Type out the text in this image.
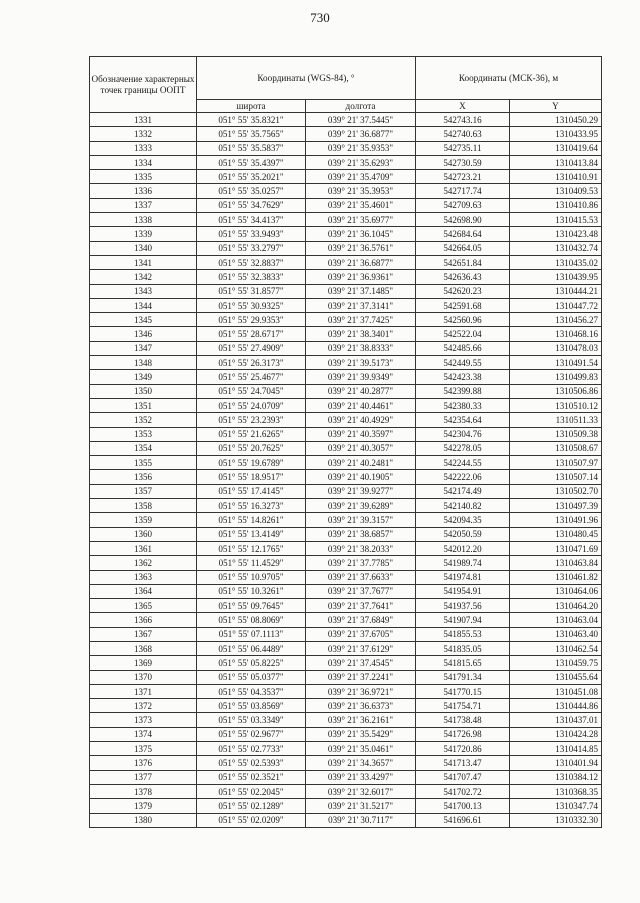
730
Обозначение характерных точек границы ООПТ	Координаты (WGS-84), °		Координаты (МСК-36), м	
	широта	долгота	X	Y
1331	051° 55' 35.8321"	039° 21' 37.5445"	542743.16	1310450.29
1332	051° 55' 35.7565"	039° 21' 36.6877"	542740.63	1310433.95
1333	051° 55' 35.5837"	039° 21' 35.9353"	542735.11	1310419.64
1334	051° 55' 35.4397"	039° 21' 35.6293"	542730.59	1310413.84
1335	051° 55' 35.2021"	039° 21' 35.4709"	542723.21	1310410.91
1336	051° 55' 35.0257"	039° 21' 35.3953"	542717.74	1310409.53
1337	051° 55' 34.7629"	039° 21' 35.4601"	542709.63	1310410.86
1338	051° 55' 34.4137"	039° 21' 35.6977"	542698.90	1310415.53
1339	051° 55' 33.9493"	039° 21' 36.1045"	542684.64	1310423.48
1340	051° 55' 33.2797"	039° 21' 36.5761"	542664.05	1310432.74
1341	051° 55' 32.8837"	039° 21' 36.6877"	542651.84	1310435.02
1342	051° 55' 32.3833"	039° 21' 36.9361"	542636.43	1310439.95
1343	051° 55' 31.8577"	039° 21' 37.1485"	542620.23	1310444.21
1344	051° 55' 30.9325"	039° 21' 37.3141"	542591.68	1310447.72
1345	051° 55' 29.9353"	039° 21' 37.7425"	542560.96	1310456.27
1346	051° 55' 28.6717"	039° 21' 38.3401"	542522.04	1310468.16
1347	051° 55' 27.4909"	039° 21' 38.8333"	542485.66	1310478.03
1348	051° 55' 26.3173"	039° 21' 39.5173"	542449.55	1310491.54
1349	051° 55' 25.4677"	039° 21' 39.9349"	542423.38	1310499.83
1350	051° 55' 24.7045"	039° 21' 40.2877"	542399.88	1310506.86
1351	051° 55' 24.0709"	039° 21' 40.4461"	542380.33	1310510.12
1352	051° 55' 23.2393"	039° 21' 40.4929"	542354.64	1310511.33
1353	051° 55' 21.6265"	039° 21' 40.3597"	542304.76	1310509.38
1354	051° 55' 20.7625"	039° 21' 40.3057"	542278.05	1310508.67
1355	051° 55' 19.6789"	039° 21' 40.2481"	542244.55	1310507.97
1356	051° 55' 18.9517"	039° 21' 40.1905"	542222.06	1310507.14
1357	051° 55' 17.4145"	039° 21' 39.9277"	542174.49	1310502.70
1358	051° 55' 16.3273"	039° 21' 39.6289"	542140.82	1310497.39
1359	051° 55' 14.8261"	039° 21' 39.3157"	542094.35	1310491.96
1360	051° 55' 13.4149"	039° 21' 38.6857"	542050.59	1310480.45
1361	051° 55' 12.1765"	039° 21' 38.2033"	542012.20	1310471.69
1362	051° 55' 11.4529"	039° 21' 37.7785"	541989.74	1310463.84
1363	051° 55' 10.9705"	039° 21' 37.6633"	541974.81	1310461.82
1364	051° 55' 10.3261"	039° 21' 37.7677"	541954.91	1310464.06
1365	051° 55' 09.7645"	039° 21' 37.7641"	541937.56	1310464.20
1366	051° 55' 08.8069"	039° 21' 37.6849"	541907.94	1310463.04
1367	051° 55' 07.1113"	039° 21' 37.6705"	541855.53	1310463.40
1368	051° 55' 06.4489"	039° 21' 37.6129"	541835.05	1310462.54
1369	051° 55' 05.8225"	039° 21' 37.4545"	541815.65	1310459.75
1370	051° 55' 05.0377"	039° 21' 37.2241"	541791.34	1310455.64
1371	051° 55' 04.3537"	039° 21' 36.9721"	541770.15	1310451.08
1372	051° 55' 03.8569"	039° 21' 36.6373"	541754.71	1310444.86
1373	051° 55' 03.3349"	039° 21' 36.2161"	541738.48	1310437.01
1374	051° 55' 02.9677"	039° 21' 35.5429"	541726.98	1310424.28
1375	051° 55' 02.7733"	039° 21' 35.0461"	541720.86	1310414.85
1376	051° 55' 02.5393"	039° 21' 34.3657"	541713.47	1310401.94
1377	051° 55' 02.3521"	039° 21' 33.4297"	541707.47	1310384.12
1378	051° 55' 02.2045"	039° 21' 32.6017"	541702.72	1310368.35
1379	051° 55' 02.1289"	039° 21' 31.5217"	541700.13	1310347.74
1380	051° 55' 02.0209"	039° 21' 30.7117"	541696.61	1310332.30
